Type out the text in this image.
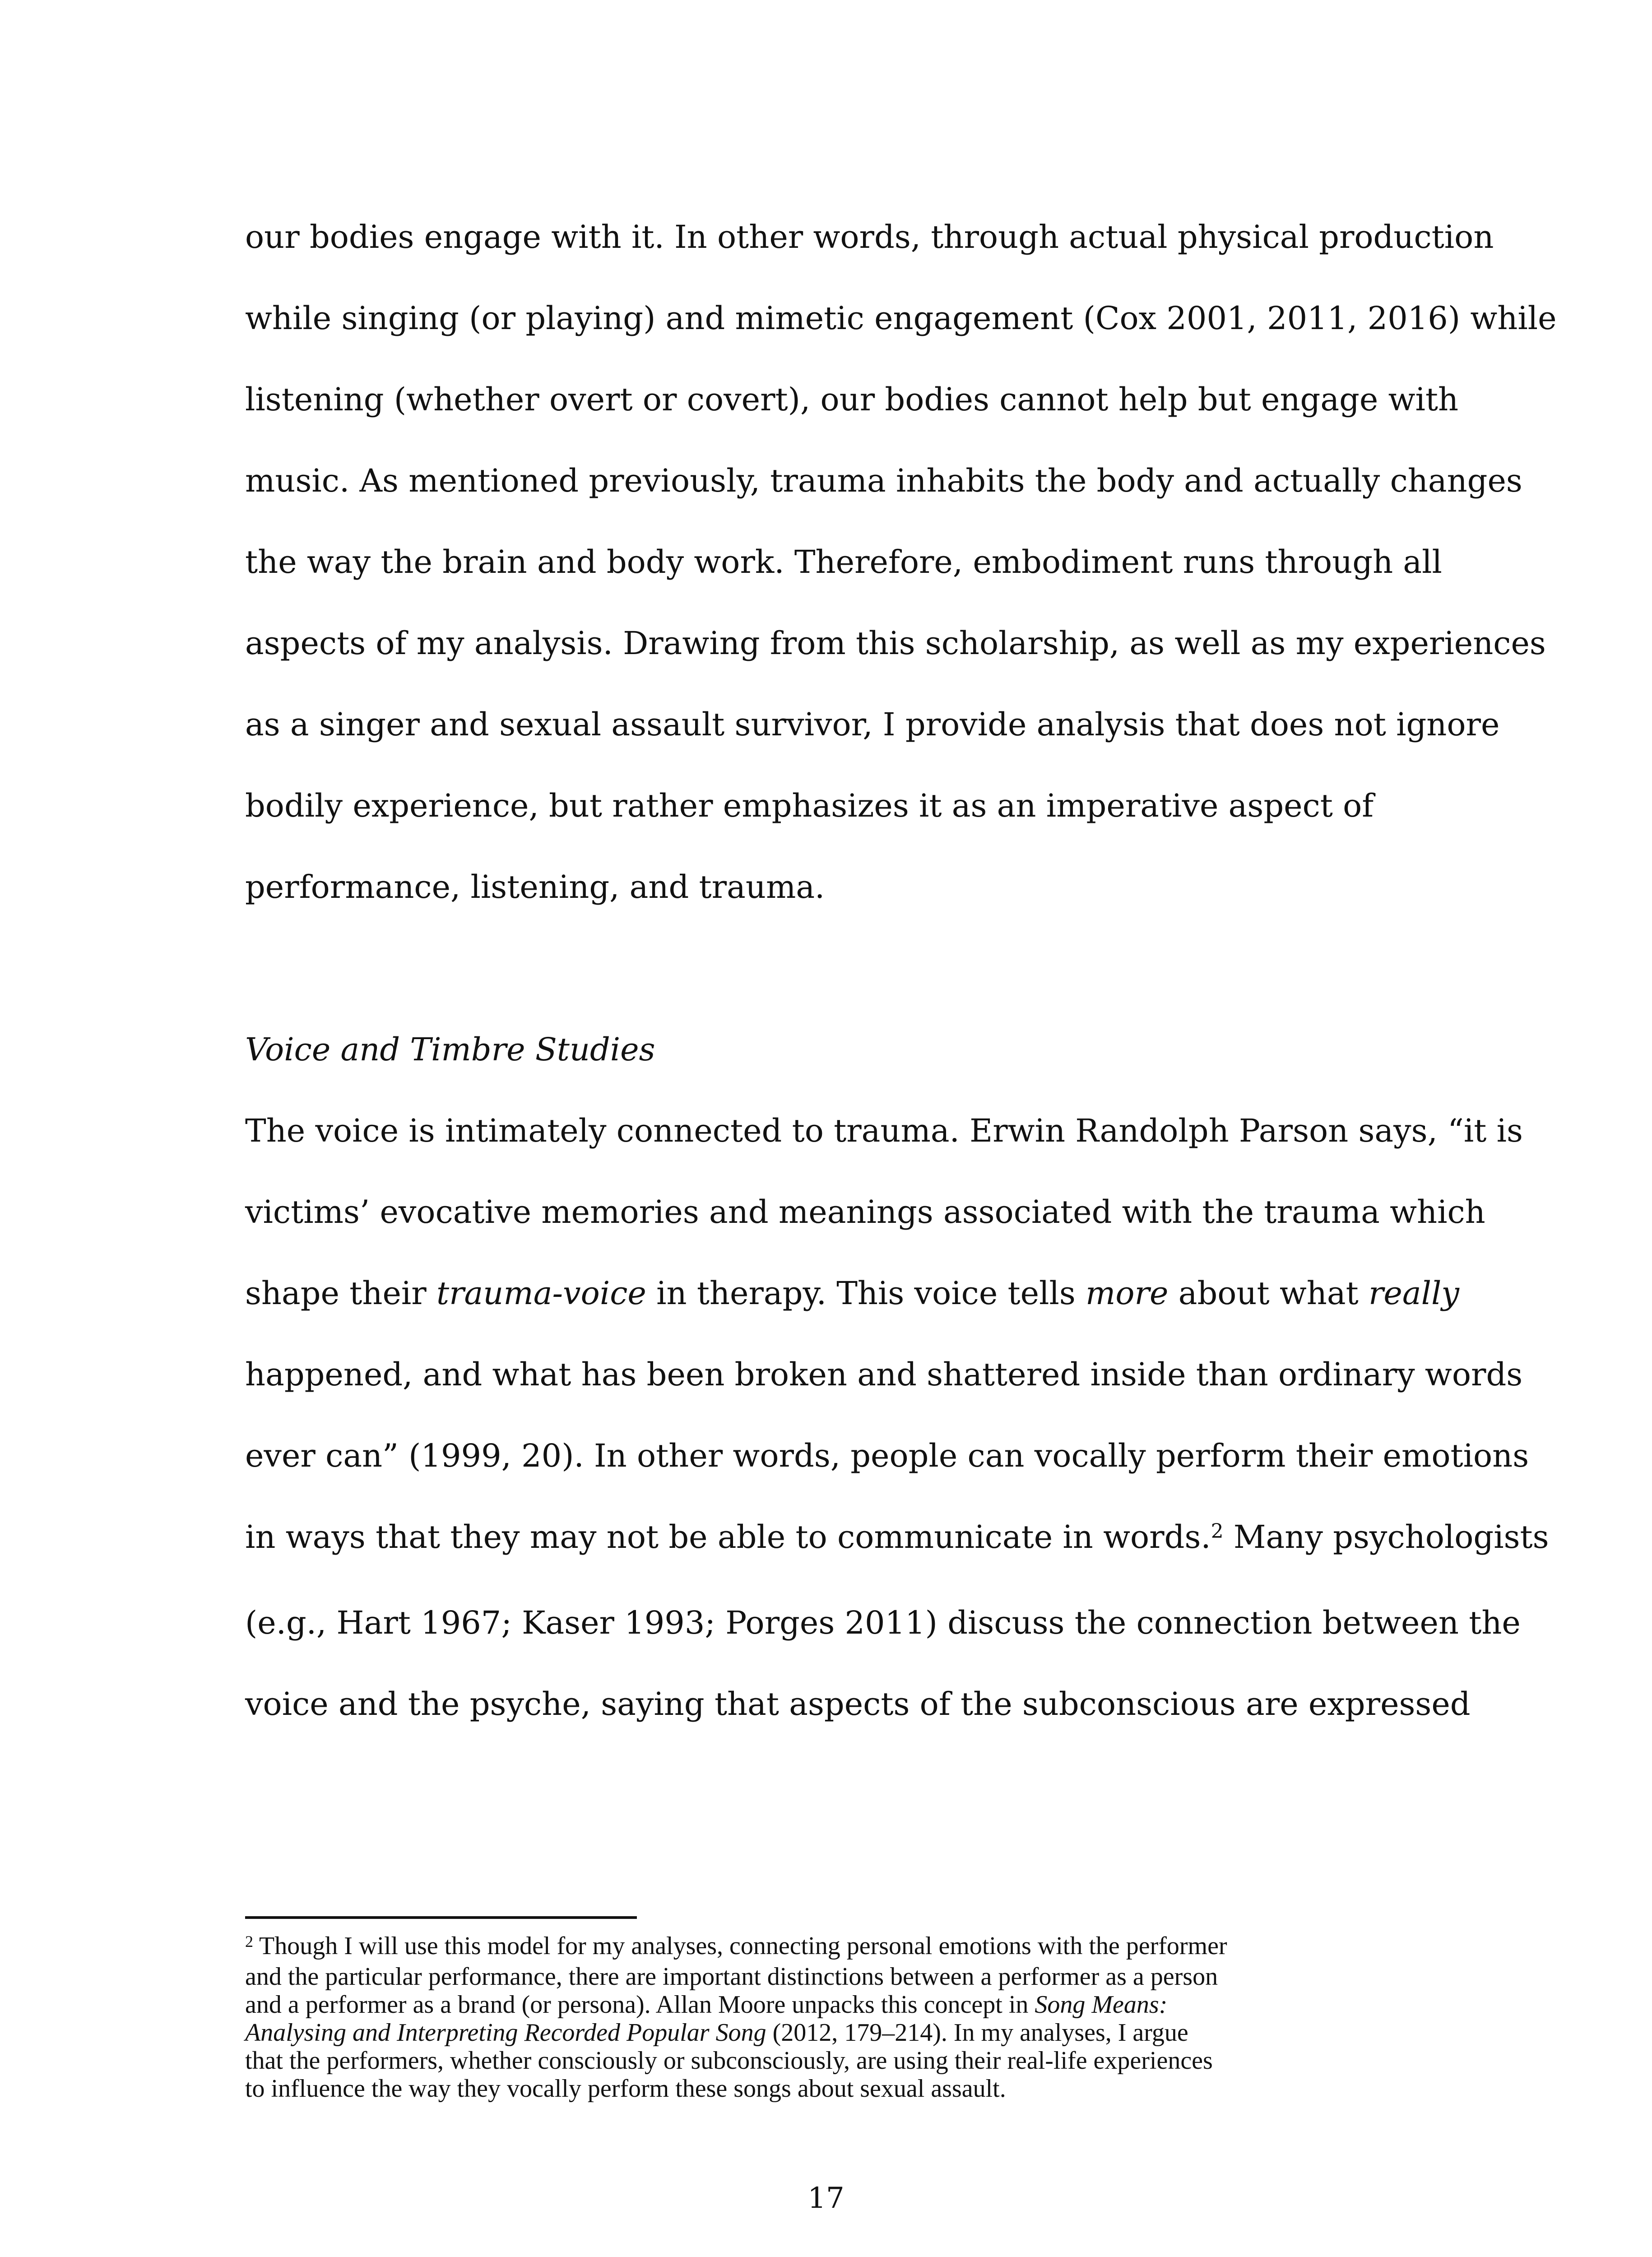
our bodies engage with it. In other words, through actual physical production
while singing (or playing) and mimetic engagement (Cox 2001, 2011, 2016) while
listening (whether overt or covert), our bodies cannot help but engage with
music. As mentioned previously, trauma inhabits the body and actually changes
the way the brain and body work. Therefore, embodiment runs through all
aspects of my analysis. Drawing from this scholarship, as well as my experiences
as a singer and sexual assault survivor, I provide analysis that does not ignore
bodily experience, but rather emphasizes it as an imperative aspect of
performance, listening, and trauma.
Voice and Timbre Studies
The voice is intimately connected to trauma. Erwin Randolph Parson says, “it is
victims’ evocative memories and meanings associated with the trauma which
shape their trauma-voice in therapy. This voice tells more about what really
happened, and what has been broken and shattered inside than ordinary words
ever can” (1999, 20). In other words, people can vocally perform their emotions
in ways that they may not be able to communicate in words.$^2$ Many psychologists
(e.g., Hart 1967; Kaser 1993; Porges 2011) discuss the connection between the
voice and the psyche, saying that aspects of the subconscious are expressed
$^2$ Though I will use this model for my analyses, connecting personal emotions with the performer
and the particular performance, there are important distinctions between a performer as a person
and a performer as a brand (or persona). Allan Moore unpacks this concept in Song Means:
Analysing and Interpreting Recorded Popular Song (2012, 179–214). In my analyses, I argue
that the performers, whether consciously or subconsciously, are using their real-life experiences
to influence the way they vocally perform these songs about sexual assault.
17
